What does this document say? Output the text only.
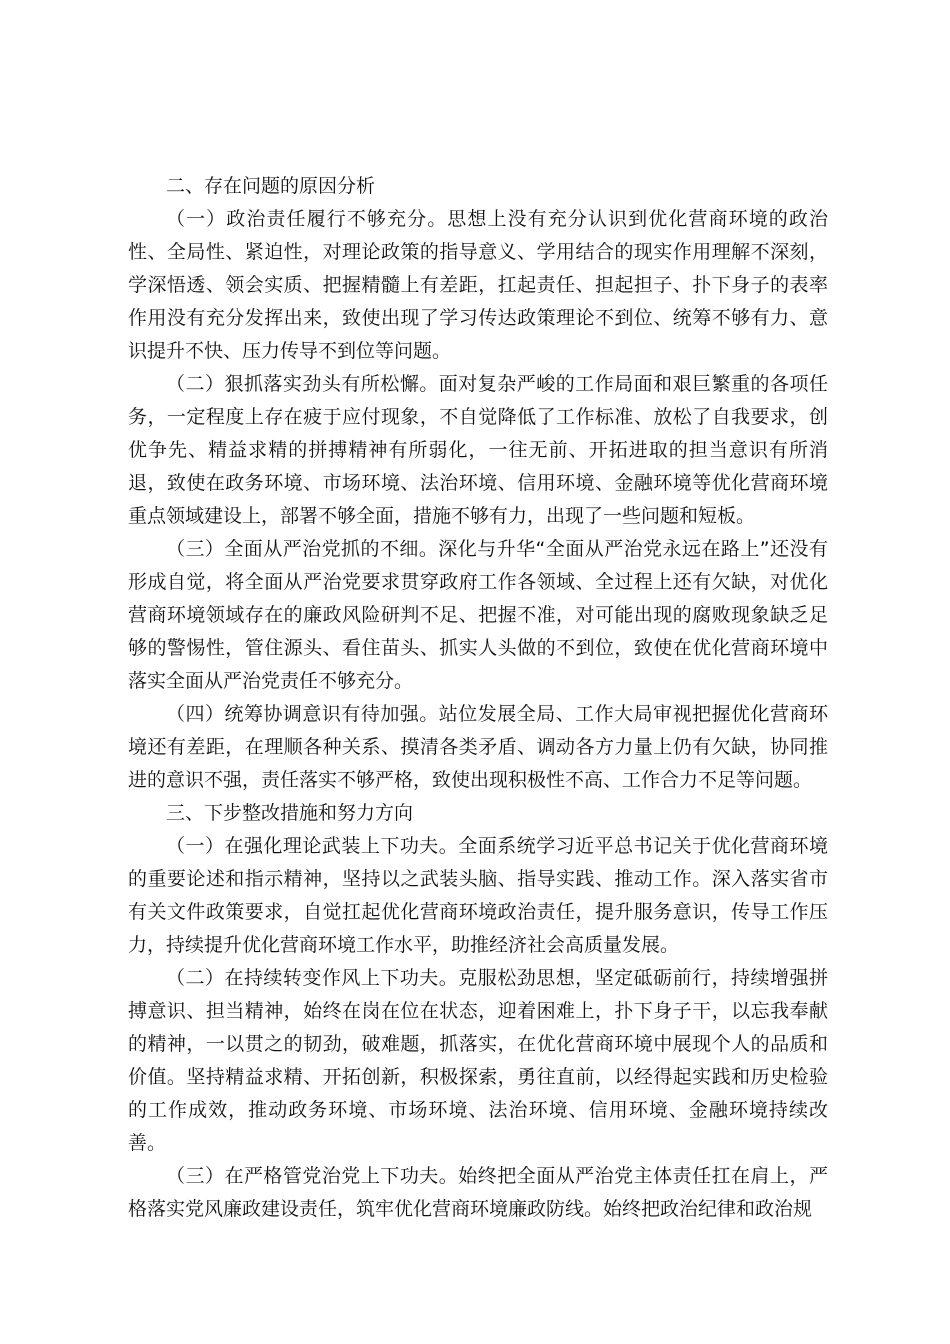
二、存在问题的原因分析

（一）政治责任履行不够充分。思想上没有充分认识到优化营商环境的政治性、全局性、紧迫性，对理论政策的指导意义、学用结合的现实作用理解不深刻，学深悟透、领会实质、把握精髓上有差距，扛起责任、担起担子、扑下身子的表率作用没有充分发挥出来，致使出现了学习传达政策理论不到位、统筹不够有力、意识提升不快、压力传导不到位等问题。

（二）狠抓落实劲头有所松懈。面对复杂严峻的工作局面和艰巨繁重的各项任务，一定程度上存在疲于应付现象，不自觉降低了工作标准、放松了自我要求，创优争先、精益求精的拼搏精神有所弱化，一往无前、开拓进取的担当意识有所消退，致使在政务环境、市场环境、法治环境、信用环境、金融环境等优化营商环境重点领域建设上，部署不够全面，措施不够有力，出现了一些问题和短板。

（三）全面从严治党抓的不细。深化与升华“全面从严治党永远在路上”还没有形成自觉，将全面从严治党要求贯穿政府工作各领域、全过程上还有欠缺，对优化营商环境领域存在的廉政风险研判不足、把握不准，对可能出现的腐败现象缺乏足够的警惕性，管住源头、看住苗头、抓实人头做的不到位，致使在优化营商环境中落实全面从严治党责任不够充分。

（四）统筹协调意识有待加强。站位发展全局、工作大局审视把握优化营商环境还有差距，在理顺各种关系、摸清各类矛盾、调动各方力量上仍有欠缺，协同推进的意识不强，责任落实不够严格，致使出现积极性不高、工作合力不足等问题。

三、下步整改措施和努力方向

（一）在强化理论武装上下功夫。全面系统学习近平总书记关于优化营商环境的重要论述和指示精神，坚持以之武装头脑、指导实践、推动工作。深入落实省市有关文件政策要求，自觉扛起优化营商环境政治责任，提升服务意识，传导工作压力，持续提升优化营商环境工作水平，助推经济社会高质量发展。

（二）在持续转变作风上下功夫。克服松劲思想，坚定砥砺前行，持续增强拼搏意识、担当精神，始终在岗在位在状态，迎着困难上，扑下身子干，以忘我奉献的精神，一以贯之的韧劲，破难题，抓落实，在优化营商环境中展现个人的品质和价值。坚持精益求精、开拓创新，积极探索，勇往直前，以经得起实践和历史检验的工作成效，推动政务环境、市场环境、法治环境、信用环境、金融环境持续改善。

（三）在严格管党治党上下功夫。始终把全面从严治党主体责任扛在肩上，严格落实党风廉政建设责任，筑牢优化营商环境廉政防线。始终把政治纪律和政治规
